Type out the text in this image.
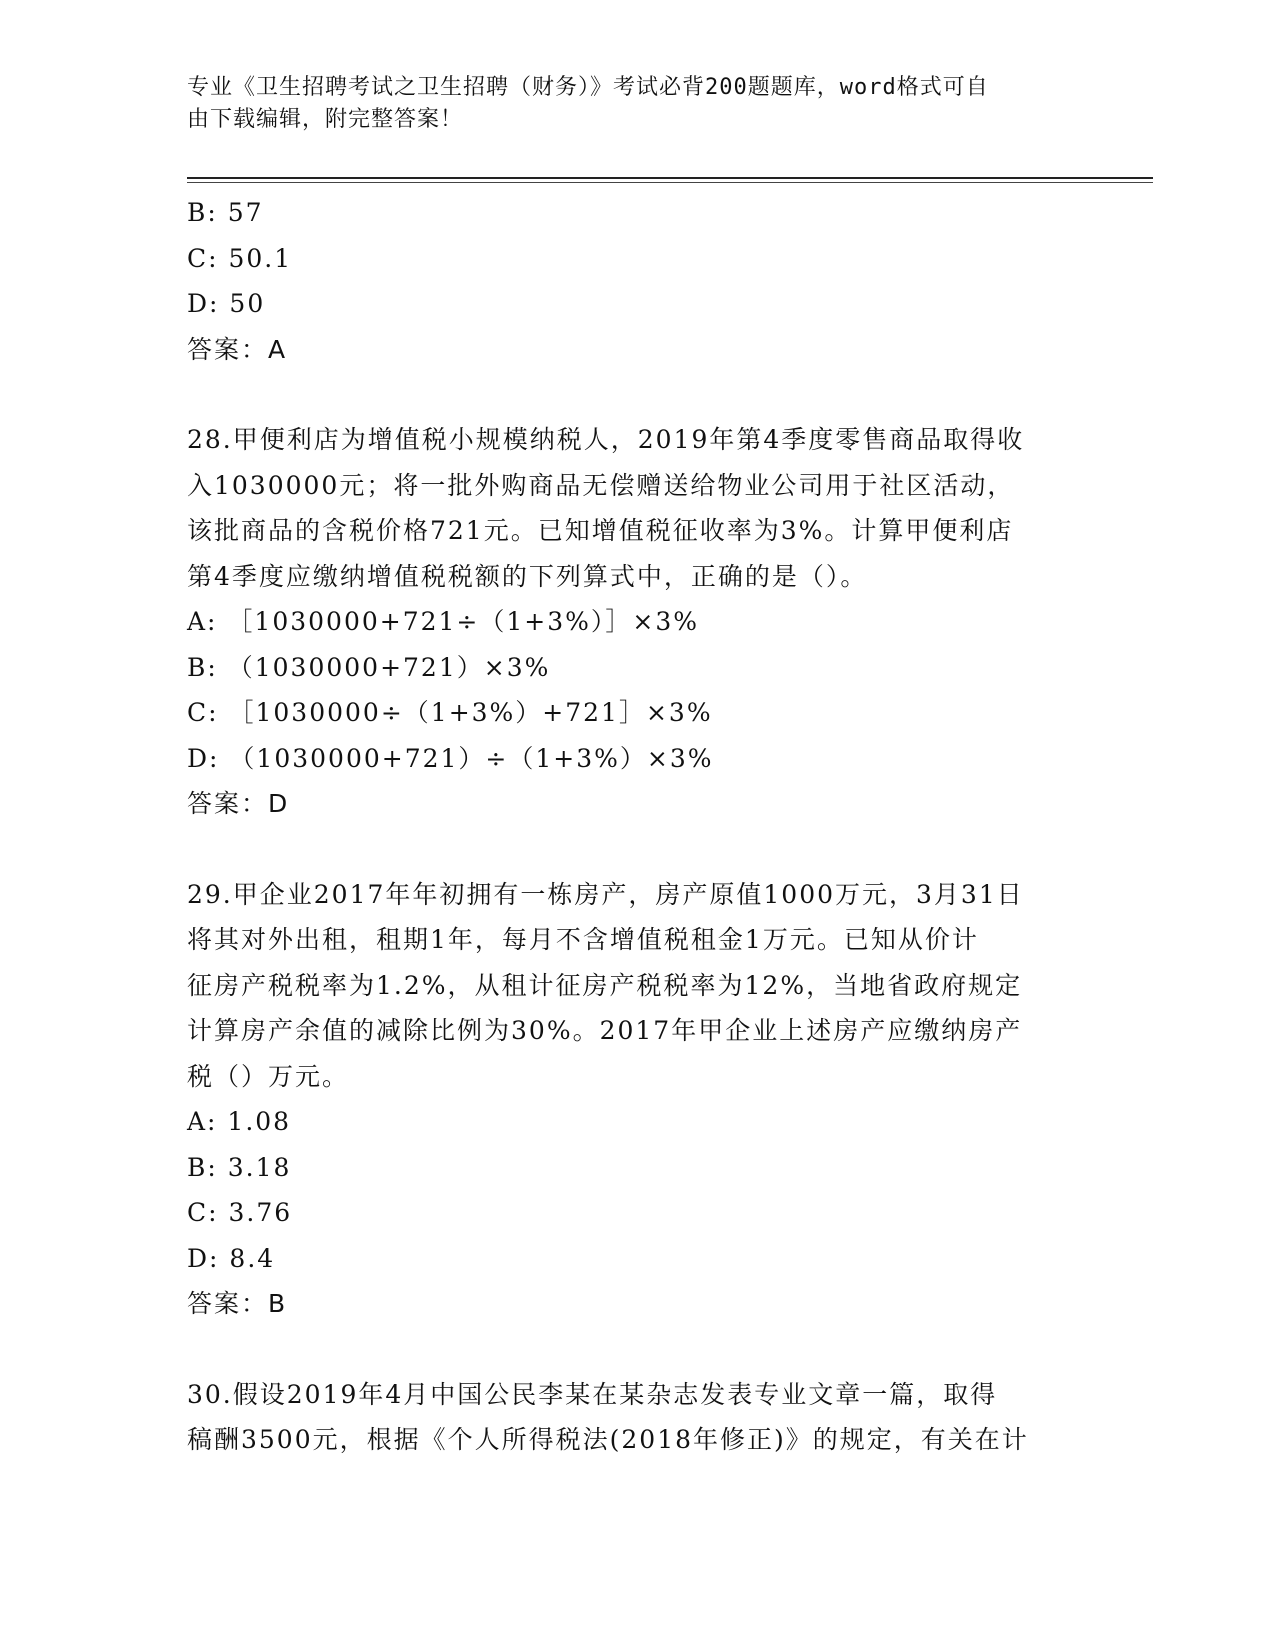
专业《卫生招聘考试之卫生招聘（财务）》考试必背200题题库，word格式可自
由下载编辑，附完整答案！
B: 57
C: 50.1
D: 50
答案：A
28.甲便利店为增值税小规模纳税人，2019年第4季度零售商品取得收
入1030000元；将一批外购商品无偿赠送给物业公司用于社区活动，
该批商品的含税价格721元。已知增值税征收率为3%。计算甲便利店
第4季度应缴纳增值税税额的下列算式中，正确的是（）。
A: ［1030000+721÷（1+3%）］×3%
B: （1030000+721）×3%
C: ［1030000÷（1+3%）+721］×3%
D: （1030000+721）÷（1+3%）×3%
答案：D
29.甲企业2017年年初拥有一栋房产，房产原值1000万元，3月31日
将其对外出租，租期1年，每月不含增值税租金1万元。已知从价计
征房产税税率为1.2%，从租计征房产税税率为12%，当地省政府规定
计算房产余值的减除比例为30%。2017年甲企业上述房产应缴纳房产
税（）万元。
A: 1.08
B: 3.18
C: 3.76
D: 8.4
答案：B
30.假设2019年4月中国公民李某在某杂志发表专业文章一篇，取得
稿酬3500元，根据《个人所得税法(2018年修正)》的规定，有关在计
